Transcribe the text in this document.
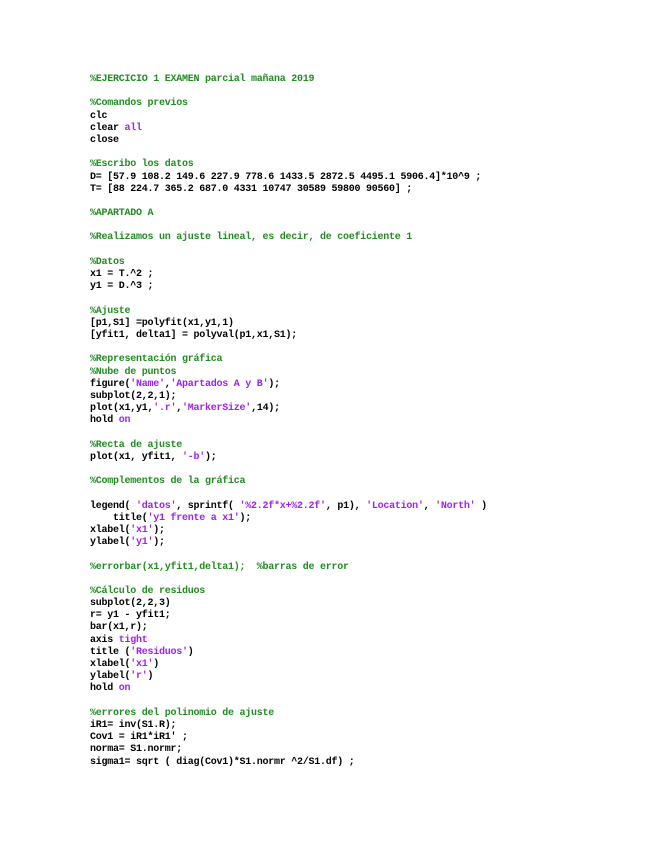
%EJERCICIO 1 EXAMEN parcial mañana 2019
%Comandos previos
clc
clear all
close
%Escribo los datos
D= [57.9 108.2 149.6 227.9 778.6 1433.5 2872.5 4495.1 5906.4]*10^9 ;
T= [88 224.7 365.2 687.0 4331 10747 30589 59800 90560] ;
%APARTADO A
%Realizamos un ajuste lineal, es decir, de coeficiente 1
%Datos
x1 = T.^2 ;
y1 = D.^3 ;
%Ajuste
[p1,S1] =polyfit(x1,y1,1)
[yfit1, delta1] = polyval(p1,x1,S1);
%Representación gráfica
%Nube de puntos
figure('Name','Apartados A y B');
subplot(2,2,1);
plot(x1,y1,'.r','MarkerSize',14);
hold on
%Recta de ajuste
plot(x1, yfit1, '-b');
%Complementos de la gráfica
legend( 'datos', sprintf( '%2.2f*x+%2.2f', p1), 'Location', 'North' )
title('y1 frente a x1');
xlabel('x1');
ylabel('y1');
%errorbar(x1,yfit1,delta1);  %barras de error
%Cálculo de residuos
subplot(2,2,3)
r= y1 - yfit1;
bar(x1,r);
axis tight
title ('Residuos')
xlabel('x1')
ylabel('r')
hold on
%errores del polinomio de ajuste
iR1= inv(S1.R);
Cov1 = iR1*iR1' ;
norma= S1.normr;
sigma1= sqrt ( diag(Cov1)*S1.normr ^2/S1.df) ;
